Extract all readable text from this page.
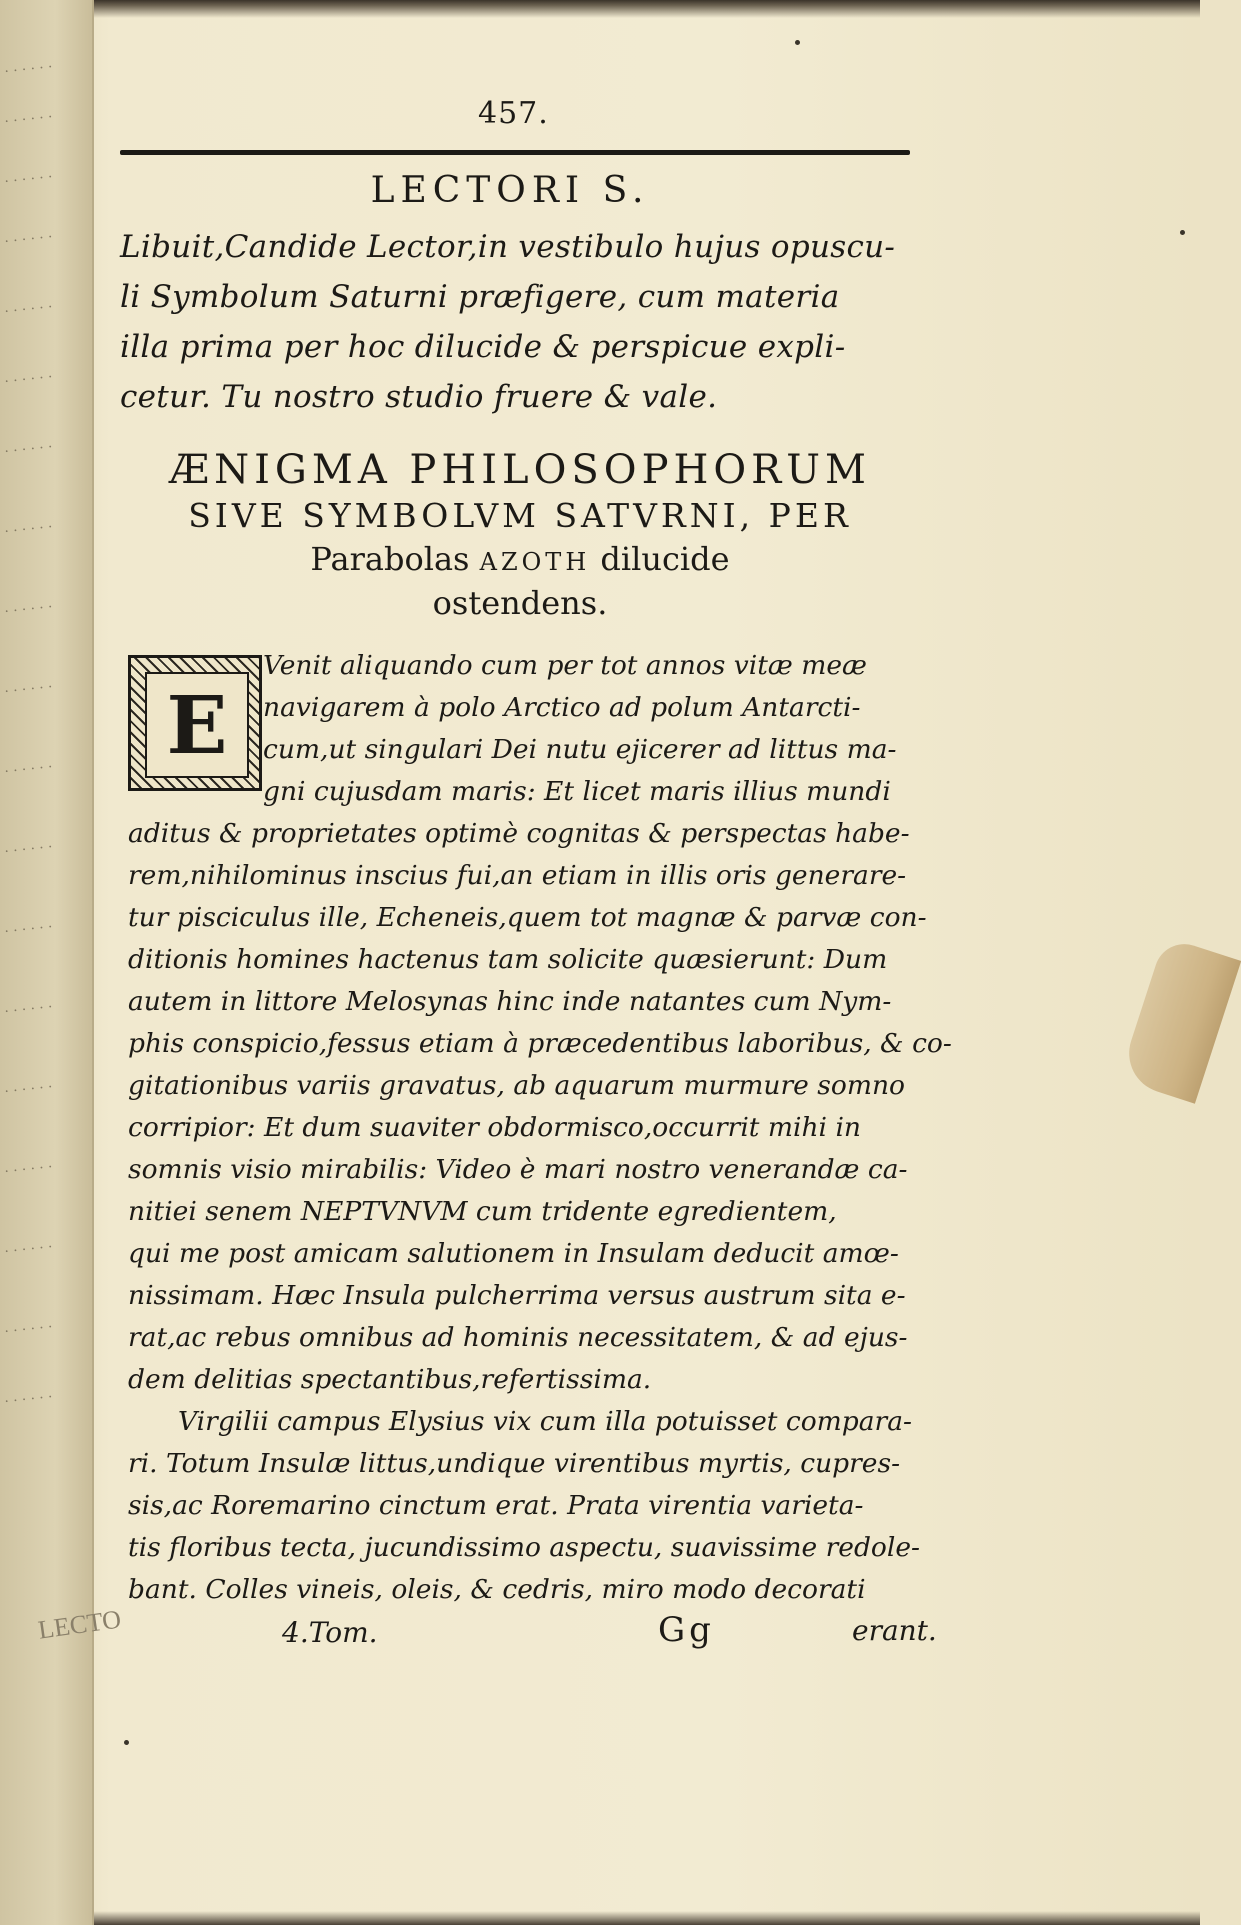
· · · · · ·
· · · · · ·
· · · · · ·
· · · · · ·
· · · · · ·
· · · · · ·
· · · · · ·
· · · · · ·
· · · · · ·
· · · · · ·
· · · · · ·
· · · · · ·
· · · · · ·
· · · · · ·
· · · · · ·
· · · · · ·
· · · · · ·
· · · · · ·
· · · · · ·
LECTO
457.
LECTORI S.

Libuit,Candide Lector,in vestibulo hujus opuscu-

li Symbolum Saturni præfigere, cum materia

illa prima per hoc dilucide & perspicue expli-

cetur. Tu nostro studio fruere & vale.

ÆNIGMA PHILOSOPHORUM
SIVE SYMBOLVM SATVRNI, PER
Parabolas AZOTH dilucide
ostendens.
E
Venit aliquando cum per tot annos vitæ meæ
navigarem à polo Arctico ad polum Antarcti-
cum,ut singulari Dei nutu ejicerer ad littus ma-
gni cujusdam maris: Et licet maris illius mundi
aditus & proprietates optimè cognitas & perspectas habe-
rem,nihilominus inscius fui,an etiam in illis oris generare-
tur pisciculus ille, Echeneis,quem tot magnæ & parvæ con-
ditionis homines hactenus tam solicite quæsierunt: Dum
autem in littore Melosynas hinc inde natantes cum Nym-
phis conspicio,fessus etiam à præcedentibus laboribus, & co-
gitationibus variis gravatus, ab aquarum murmure somno
corripior: Et dum suaviter obdormisco,occurrit mihi in
somnis visio mirabilis: Video è mari nostro venerandæ ca-
nitiei senem NEPTVNVM cum tridente egredientem,
qui me post amicam salutionem in Insulam deducit amœ-
nissimam. Hæc Insula pulcherrima versus austrum sita e-
rat,ac rebus omnibus ad hominis necessitatem, & ad ejus-
dem delitias spectantibus,refertissima.
Virgilii campus Elysius vix cum illa potuisset compara-
ri. Totum Insulæ littus,undique virentibus myrtis, cupres-
sis,ac Roremarino cinctum erat. Prata virentia varieta-
tis floribus tecta, jucundissimo aspectu, suavissime redole-
bant. Colles vineis, oleis, & cedris, miro modo decorati
4.Tom.	Gg	erant.
